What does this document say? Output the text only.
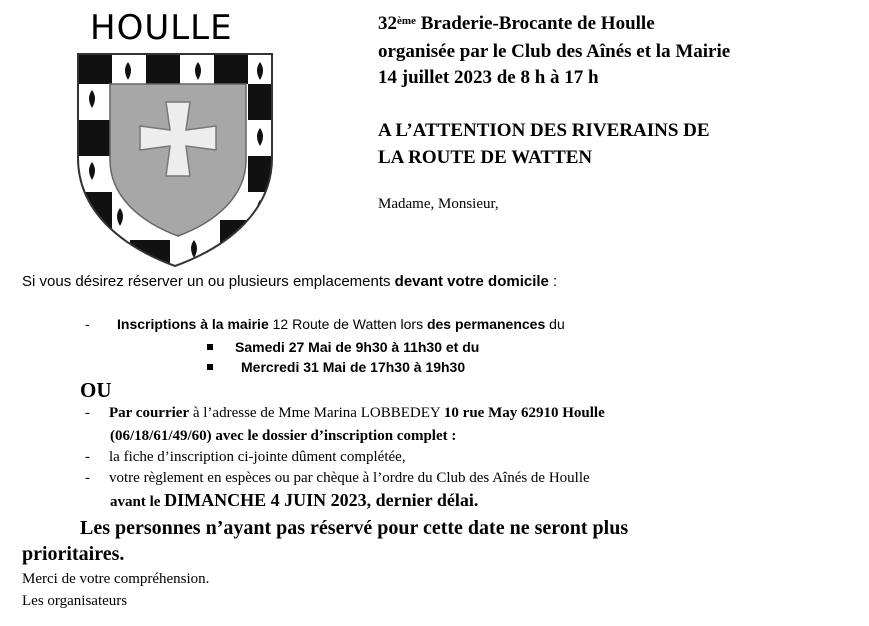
HOULLE	32ème Braderie-Brocante de Houlle
organisée par le Club des Aînés et la Mairie
14 juillet 2023 de 8 h à 17 h
A L’ATTENTION DES RIVERAINS DE
LA ROUTE DE WATTEN
Madame, Monsieur,
Si vous désirez réserver un ou plusieurs emplacements devant votre domicile :
- Inscriptions à la mairie 12 Route de Watten lors des permanences du
Samedi 27 Mai de 9h30 à 11h30 et du
Mercredi 31 Mai de 17h30 à 19h30
OU
- Par courrier à l’adresse de Mme Marina LOBBEDEY 10 rue May 62910 Houlle
(06/18/61/49/60) avec le dossier d’inscription complet :
- la fiche d’inscription ci-jointe dûment complétée,
- votre règlement en espèces ou par chèque à l’ordre du Club des Aînés de Houlle
avant le DIMANCHE 4 JUIN 2023, dernier délai.
Les personnes n’ayant pas réservé pour cette date ne seront plus
prioritaires.
Merci de votre compréhension.
Les organisateurs
